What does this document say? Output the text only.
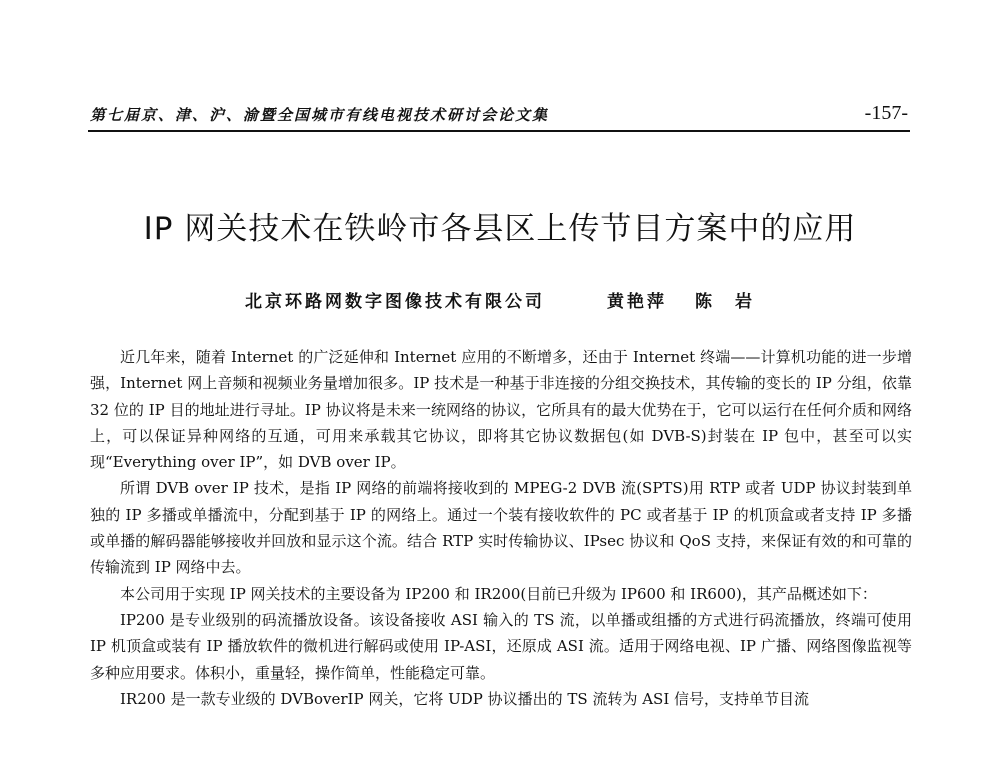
第七届京、津、沪、渝暨全国城市有线电视技术研讨会论文集	-157-
IP 网关技术在铁岭市各县区上传节目方案中的应用
北京环路网数字图像技术有限公司	黄艳萍 陈　岩

近几年来，随着 Internet 的广泛延伸和 Internet 应用的不断增多，还由于 Internet 终端——计算机功能的进一步增强，Internet 网上音频和视频业务量增加很多。IP 技术是一种基于非连接的分组交换技术，其传输的变长的 IP 分组，依靠 32 位的 IP 目的地址进行寻址。IP 协议将是未来一统网络的协议，它所具有的最大优势在于，它可以运行在任何介质和网络上，可以保证异种网络的互通，可用来承载其它协议，即将其它协议数据包(如 DVB-S)封装在 IP 包中，甚至可以实现“Everything over IP”，如 DVB over IP。

所谓 DVB over IP 技术，是指 IP 网络的前端将接收到的 MPEG-2 DVB 流(SPTS)用 RTP 或者 UDP 协议封装到单独的 IP 多播或单播流中，分配到基于 IP 的网络上。通过一个装有接收软件的 PC 或者基于 IP 的机顶盒或者支持 IP 多播或单播的解码器能够接收并回放和显示这个流。结合 RTP 实时传输协议、IPsec 协议和 QoS 支持，来保证有效的和可靠的传输流到 IP 网络中去。

本公司用于实现 IP 网关技术的主要设备为 IP200 和 IR200(目前已升级为 IP600 和 IR600)，其产品概述如下：

IP200 是专业级别的码流播放设备。该设备接收 ASI 输入的 TS 流，以单播或组播的方式进行码流播放，终端可使用 IP 机顶盒或装有 IP 播放软件的微机进行解码或使用 IP-ASI，还原成 ASI 流。适用于网络电视、IP 广播、网络图像监视等多种应用要求。体积小，重量轻，操作简单，性能稳定可靠。

IR200 是一款专业级的 DVBoverIP 网关，它将 UDP 协议播出的 TS 流转为 ASI 信号，支持单节目流
